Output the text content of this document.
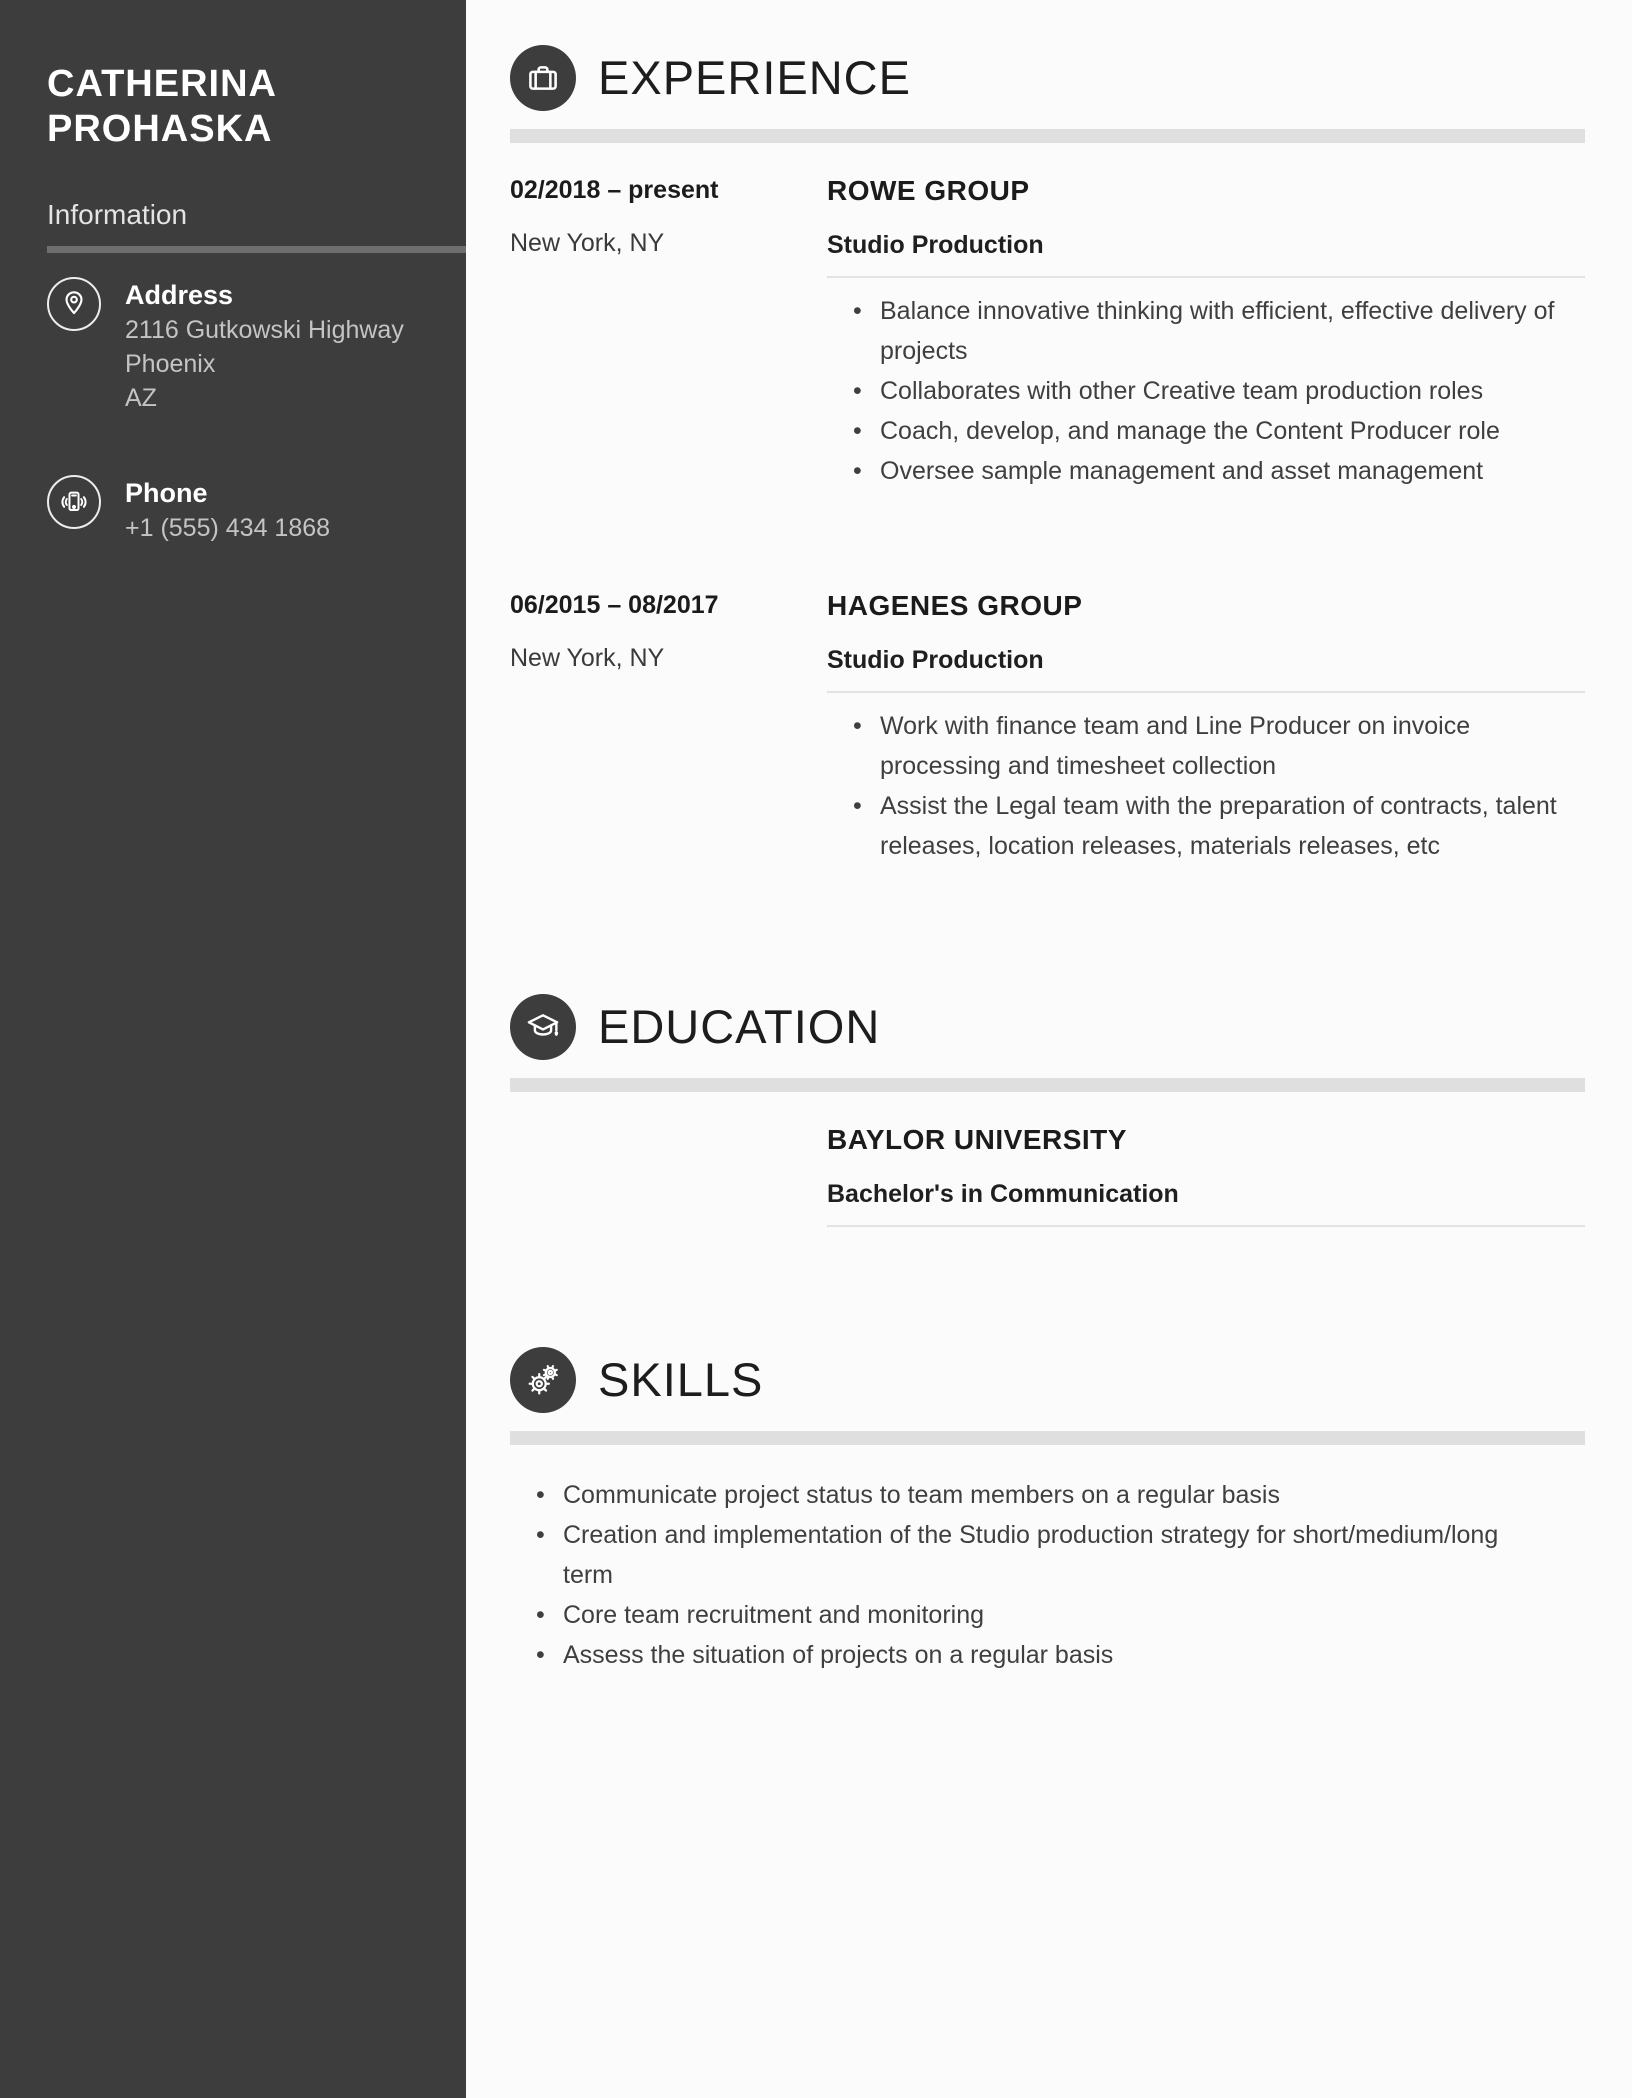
CATHERINA PROHASKA
Information
Address
2116 Gutkowski Highway
Phoenix
AZ
Phone
+1 (555) 434 1868
EXPERIENCE
02/2018 – present
New York, NY
ROWE GROUP
Studio Production
• Balance innovative thinking with efficient, effective delivery of projects
• Collaborates with other Creative team production roles
• Coach, develop, and manage the Content Producer role
• Oversee sample management and asset management
06/2015 – 08/2017
New York, NY
HAGENES GROUP
Studio Production
• Work with finance team and Line Producer on invoice processing and timesheet collection
• Assist the Legal team with the preparation of contracts, talent releases, location releases, materials releases, etc
EDUCATION
BAYLOR UNIVERSITY
Bachelor's in Communication
SKILLS
• Communicate project status to team members on a regular basis
• Creation and implementation of the Studio production strategy for short/medium/long term
• Core team recruitment and monitoring
• Assess the situation of projects on a regular basis
